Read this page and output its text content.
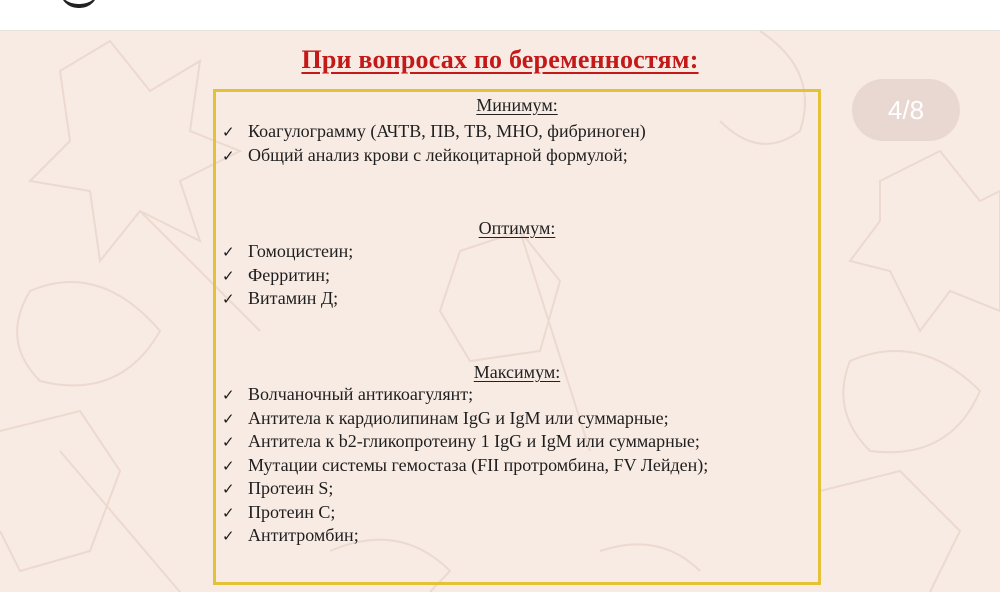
При вопросах по беременностям:
4/8
Минимум:
✓ Коагулограмму (АЧТВ, ПВ, ТВ, МНО, фибриноген)
✓ Общий анализ крови с лейкоцитарной формулой;
Оптимум:
✓ Гомоцистеин;
✓ Ферритин;
✓ Витамин Д;
Максимум:
✓ Волчаночный антикоагулянт;
✓ Антитела к кардиолипинам IgG и IgM или суммарные;
✓ Антитела к b2-гликопротеину 1 IgG и IgM или суммарные;
✓ Мутации системы гемостаза (FII протромбина, FV Лейден);
✓ Протеин S;
✓ Протеин С;
✓ Антитромбин;
